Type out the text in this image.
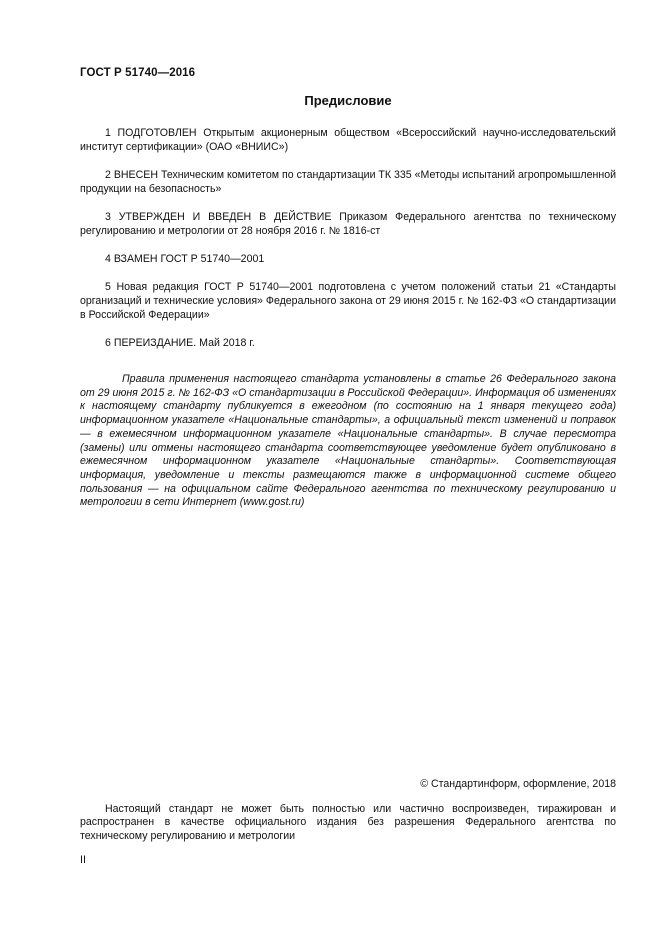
ГОСТ Р 51740—2016
Предисловие

1 ПОДГОТОВЛЕН Открытым акционерным обществом «Всероссийский научно-исследовательский институт сертификации» (ОАО «ВНИИС»)

2 ВНЕСЕН Техническим комитетом по стандартизации ТК 335 «Методы испытаний агропромышленной продукции на безопасность»

3 УТВЕРЖДЕН И ВВЕДЕН В ДЕЙСТВИЕ Приказом Федерального агентства по техническому регулированию и метрологии от 28 ноября 2016 г. № 1816-ст

4 ВЗАМЕН ГОСТ Р 51740—2001

5 Новая редакция ГОСТ Р 51740—2001 подготовлена с учетом положений статьи 21 «Стандарты организаций и технические условия» Федерального закона от 29 июня 2015 г. № 162-ФЗ «О стандартизации в Российской Федерации»

6 ПЕРЕИЗДАНИЕ. Май 2018 г.

Правила применения настоящего стандарта установлены в статье 26 Федерального закона от 29 июня 2015 г. № 162-ФЗ «О стандартизации в Российской Федерации». Информация об изменениях к настоящему стандарту публикуется в ежегодном (по состоянию на 1 января текущего года) информационном указателе «Национальные стандарты», а официальный текст изменений и поправок — в ежемесячном информационном указателе «Национальные стандарты». В случае пересмотра (замены) или отмены настоящего стандарта соответствующее уведомление будет опубликовано в ежемесячном информационном указателе «Национальные стандарты». Соответствующая информация, уведомление и тексты размещаются также в информационной системе общего пользования — на официальном сайте Федерального агентства по техническому регулированию и метрологии в сети Интернет (www.gost.ru)

© Стандартинформ, оформление, 2018

Настоящий стандарт не может быть полностью или частично воспроизведен, тиражирован и распространен в качестве официального издания без разрешения Федерального агентства по техническому регулированию и метрологии

II
